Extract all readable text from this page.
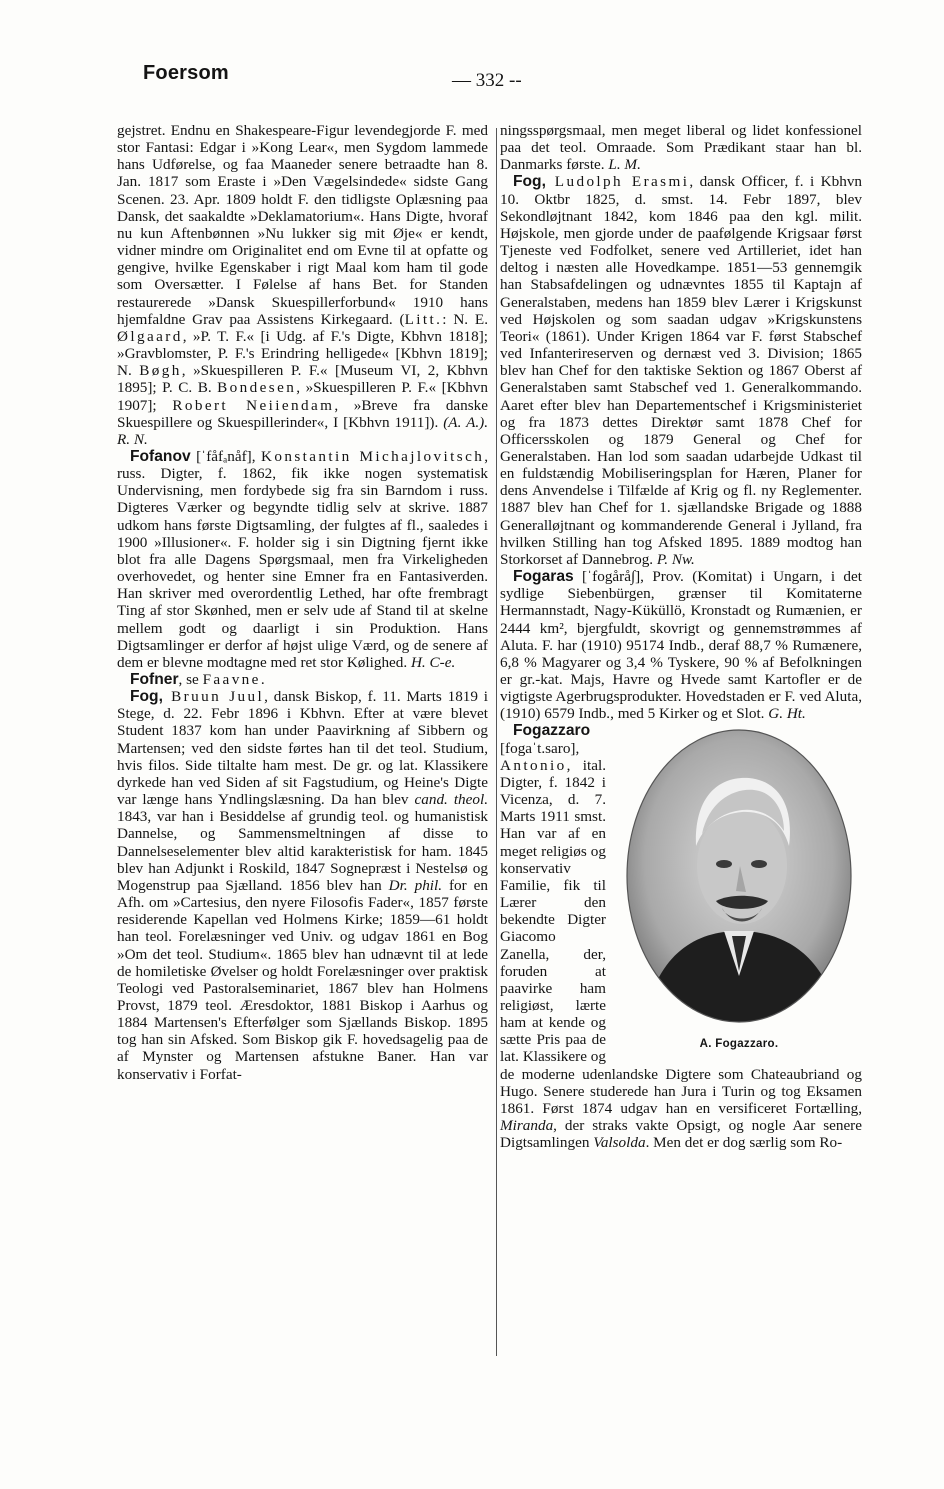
Foersom	— 332 --

gejstret. Endnu en Shakespeare-Figur levendegjorde F. med stor Fantasi: Edgar i »Kong Lear«, men Sygdom lammede hans Udførelse, og faa Maaneder senere betraadte han 8. Jan. 1817 som Eraste i »Den Vægelsindede« sidste Gang Scenen. 23. Apr. 1809 holdt F. den tidligste Oplæsning paa Dansk, det saakaldte »Deklamatorium«. Hans Digte, hvoraf nu kun Aftenbønnen »Nu lukker sig mit Øje« er kendt, vidner mindre om Originalitet end om Evne til at opfatte og gengive, hvilke Egenskaber i rigt Maal kom ham til gode som Oversætter. I Følelse af hans Bet. for Standen restaurerede »Dansk Skuespillerforbund« 1910 hans hjemfaldne Grav paa Assistens Kirkegaard. (Litt.: N. E. Ølgaard, »P. T. F.« [i Udg. af F.'s Digte, Kbhvn 1818]; »Gravblomster, P. F.'s Erindring helligede« [Kbhvn 1819]; N. Bøgh, »Skuespilleren P. F.« [Museum VI, 2, Kbhvn 1895]; P. C. B. Bondesen, »Skuespilleren P. F.« [Kbhvn 1907]; Robert Neiiendam, »Breve fra danske Skuespillere og Skuespillerinder«, I [Kbhvn 1911]). (A. A.). R. N.

Fofanov [ˈfåfₐnåf], Konstantin Michajlovitsch, russ. Digter, f. 1862, fik ikke nogen systematisk Undervisning, men fordybede sig fra sin Barndom i russ. Digteres Værker og begyndte tidlig selv at skrive. 1887 udkom hans første Digtsamling, der fulgtes af fl., saaledes i 1900 »Illusioner«. F. holder sig i sin Digtning fjernt ikke blot fra alle Dagens Spørgsmaal, men fra Virkeligheden overhovedet, og henter sine Emner fra en Fantasiverden. Han skriver med overordentlig Lethed, har ofte frembragt Ting af stor Skønhed, men er selv ude af Stand til at skelne mellem godt og daarligt i sin Produktion. Hans Digtsamlinger er derfor af højst ulige Værd, og de senere af dem er blevne modtagne med ret stor Kølighed. H. C-e.

Fofner, se Faavne.

Fog, Bruun Juul, dansk Biskop, f. 11. Marts 1819 i Stege, d. 22. Febr 1896 i Kbhvn. Efter at være blevet Student 1837 kom han under Paavirkning af Sibbern og Martensen; ved den sidste førtes han til det teol. Studium, hvis filos. Side tiltalte ham mest. De gr. og lat. Klassikere dyrkede han ved Siden af sit Fagstudium, og Heine's Digte var længe hans Yndlingslæsning. Da han blev cand. theol. 1843, var han i Besiddelse af grundig teol. og humanistisk Dannelse, og Sammensmeltningen af disse to Dannelseselementer blev altid karakteristisk for ham. 1845 blev han Adjunkt i Roskild, 1847 Sognepræst i Nestelsø og Mogenstrup paa Sjælland. 1856 blev han Dr. phil. for en Afh. om »Cartesius, den nyere Filosofis Fader«, 1857 første residerende Kapellan ved Holmens Kirke; 1859—61 holdt han teol. Forelæsninger ved Univ. og udgav 1861 en Bog »Om det teol. Studium«. 1865 blev han udnævnt til at lede de homiletiske Øvelser og holdt Forelæsninger over praktisk Teologi ved Pastoralseminariet, 1867 blev han Holmens Provst, 1879 teol. Æresdoktor, 1881 Biskop i Aarhus og 1884 Martensen's Efterfølger som Sjællands Biskop. 1895 tog han sin Afsked. Som Biskop gik F. hovedsagelig paa de af Mynster og Martensen afstukne Baner. Han var konservativ i Forfat-

ningsspørgsmaal, men meget liberal og lidet konfessionel paa det teol. Omraade. Som Prædikant staar han bl. Danmarks første. L. M.

Fog, Ludolph Erasmi, dansk Officer, f. i Kbhvn 10. Oktbr 1825, d. smst. 14. Febr 1897, blev Sekondløjtnant 1842, kom 1846 paa den kgl. milit. Højskole, men gjorde under de paafølgende Krigsaar først Tjeneste ved Fodfolket, senere ved Artilleriet, idet han deltog i næsten alle Hovedkampe. 1851—53 gennemgik han Stabsafdelingen og udnævntes 1855 til Kaptajn af Generalstaben, medens han 1859 blev Lærer i Krigskunst ved Højskolen og som saadan udgav »Krigskunstens Teori« (1861). Under Krigen 1864 var F. først Stabschef ved Infanterireserven og dernæst ved 3. Division; 1865 blev han Chef for den taktiske Sektion og 1867 Oberst af Generalstaben samt Stabschef ved 1. Generalkommando. Aaret efter blev han Departementschef i Krigsministeriet og fra 1873 dettes Direktør samt 1878 Chef for Officersskolen og 1879 General og Chef for Generalstaben. Han lod som saadan udarbejde Udkast til en fuldstændig Mobiliseringsplan for Hæren, Planer for dens Anvendelse i Tilfælde af Krig og fl. ny Reglementer. 1887 blev han Chef for 1. sjællandske Brigade og 1888 Generalløjtnant og kommanderende General i Jylland, fra hvilken Stilling han tog Afsked 1895. 1889 modtog han Storkorset af Dannebrog. P. Nw.

Fogaras [ˈfogårå∫], Prov. (Komitat) i Ungarn, i det sydlige Siebenbürgen, grænser til Komitaterne Hermannstadt, Nagy-Küküllö, Kronstadt og Rumænien, er 2444 km², bjergfuldt, skovrigt og gennemstrømmes af Aluta. F. har (1910) 95174 Indb., deraf 88,7 % Rumænere, 6,8 % Magyarer og 3,4 % Tyskere, 90 % af Befolkningen er gr.-kat. Majs, Havre og Hvede samt Kartofler er de vigtigste Agerbrugsprodukter. Hovedstaden er F. ved Aluta, (1910) 6579 Indb., med 5 Kirker og et Slot. G. Ht.

A. Fogazzaro.

Fogazzaro [fogaˈt.saro], Antonio, ital. Digter, f. 1842 i Vicenza, d. 7. Marts 1911 smst. Han var af en meget religiøs og konservativ Familie, fik til Lærer den bekendte Digter Giacomo Zanella, der, foruden at paavirke ham religiøst, lærte ham at kende og sætte Pris paa de lat. Klassikere og de moderne udenlandske Digtere som Chateaubriand og Hugo. Senere studerede han Jura i Turin og tog Eksamen 1861. Først 1874 udgav han en versificeret Fortælling, Miranda, der straks vakte Opsigt, og nogle Aar senere Digtsamlingen Valsolda. Men det er dog særlig som Ro-
